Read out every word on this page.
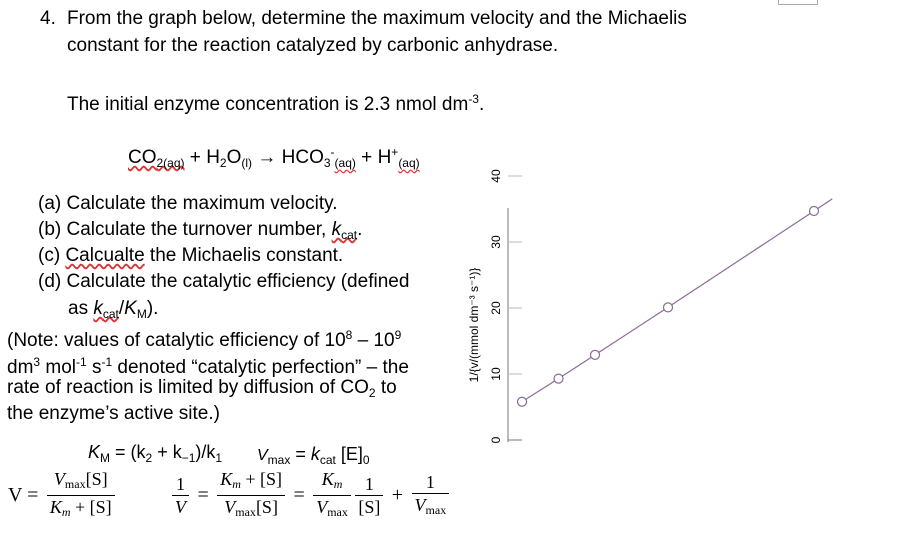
4. From the graph below, determine the maximum velocity and the Michaelis
constant for the reaction catalyzed by carbonic anhydrase.
The initial enzyme concentration is 2.3 nmol $dm^{-3}$.
$CO_{2(aq)} + H_2O_{(l)} \to HCO_3^-_{(aq)} + H^+_{(aq)}$
(a) Calculate the maximum velocity.
(b) Calculate the turnover number, $k_{cat}$.
(c) Calcualte the Michaelis constant.
(d) Calculate the catalytic efficiency (defined
as $k_{cat}/K_M$).
(Note: values of catalytic efficiency of $10^8 - 10^9$
$dm^3$ mol$^{-1}$ $s^{-1}$ denoted “catalytic perfection” – the
rate of reaction is limited by diffusion of $CO_2$ to
the enzyme’s active site.)
$K_M = (k_2 + k_{-1})/k_1$ $V_{max} = k_{cat}$ $[E]_0$
$V = \frac{Vmax[S]}{Km + [S]}$	$\frac{1}{V} = \frac{Km + [S]}{Vmax[S]} = \frac{Km}{Vmax}$
$\frac{1}{[S]} + \frac{1}{Vmax}$
0
10
20
30
40
1/{v/(mmol dm⁻³ s⁻¹)}
